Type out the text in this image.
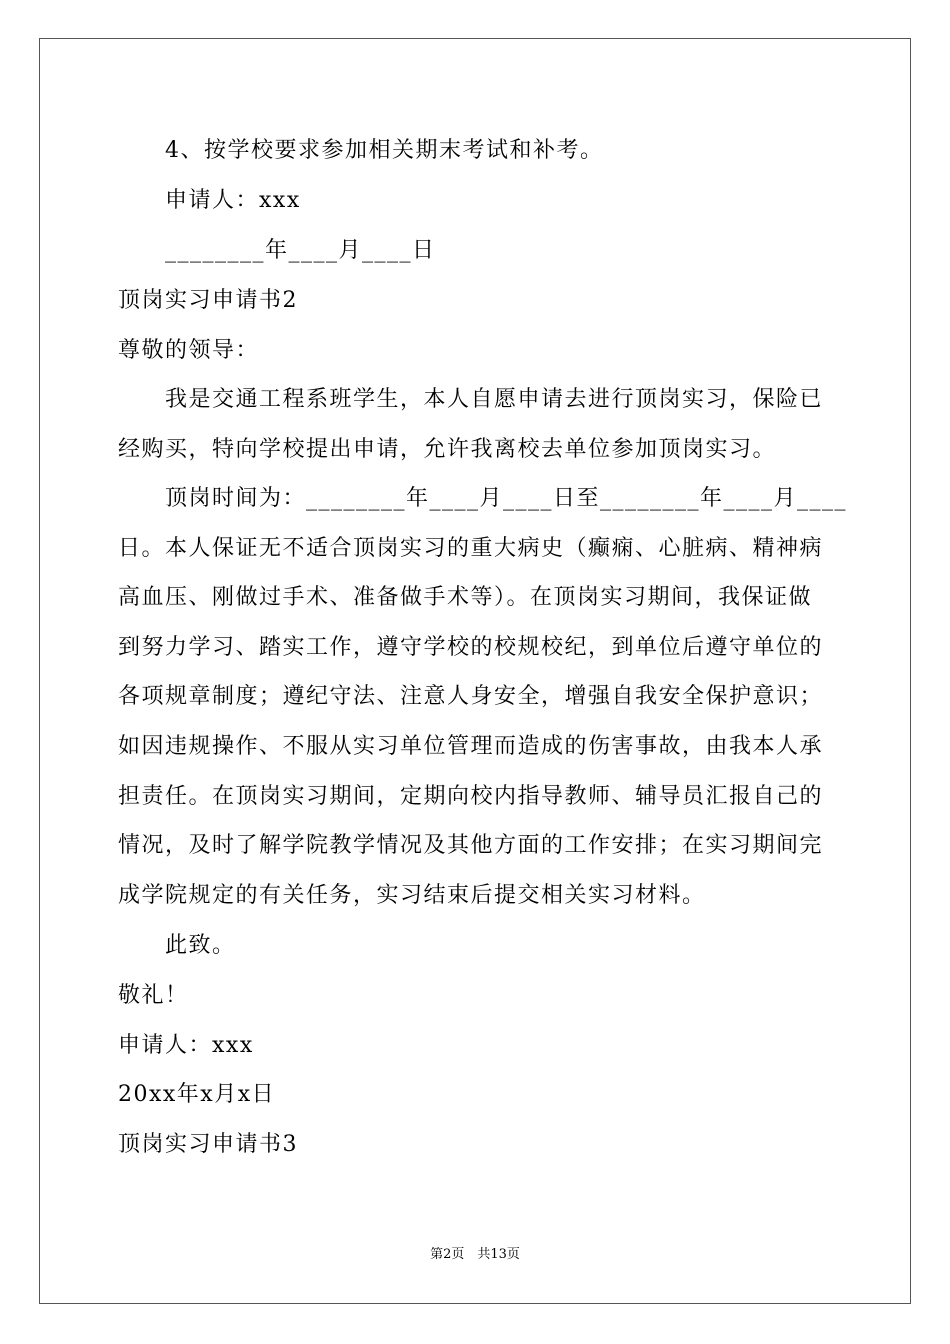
4、按学校要求参加相关期末考试和补考。
申请人：xxx
________年____月____日
顶岗实习申请书2
尊敬的领导：
我是交通工程系班学生，本人自愿申请去进行顶岗实习，保险已
经购买，特向学校提出申请，允许我离校去单位参加顶岗实习。
顶岗时间为：________年____月____日至________年____月____
日。本人保证无不适合顶岗实习的重大病史（癫痫、心脏病、精神病
高血压、刚做过手术、准备做手术等）。在顶岗实习期间，我保证做
到努力学习、踏实工作，遵守学校的校规校纪，到单位后遵守单位的
各项规章制度；遵纪守法、注意人身安全，增强自我安全保护意识；
如因违规操作、不服从实习单位管理而造成的伤害事故，由我本人承
担责任。在顶岗实习期间，定期向校内指导教师、辅导员汇报自己的
情况，及时了解学院教学情况及其他方面的工作安排；在实习期间完
成学院规定的有关任务，实习结束后提交相关实习材料。
此致。
敬礼！
申请人：xxx
20xx年x月x日
顶岗实习申请书3
第2页　共13页
